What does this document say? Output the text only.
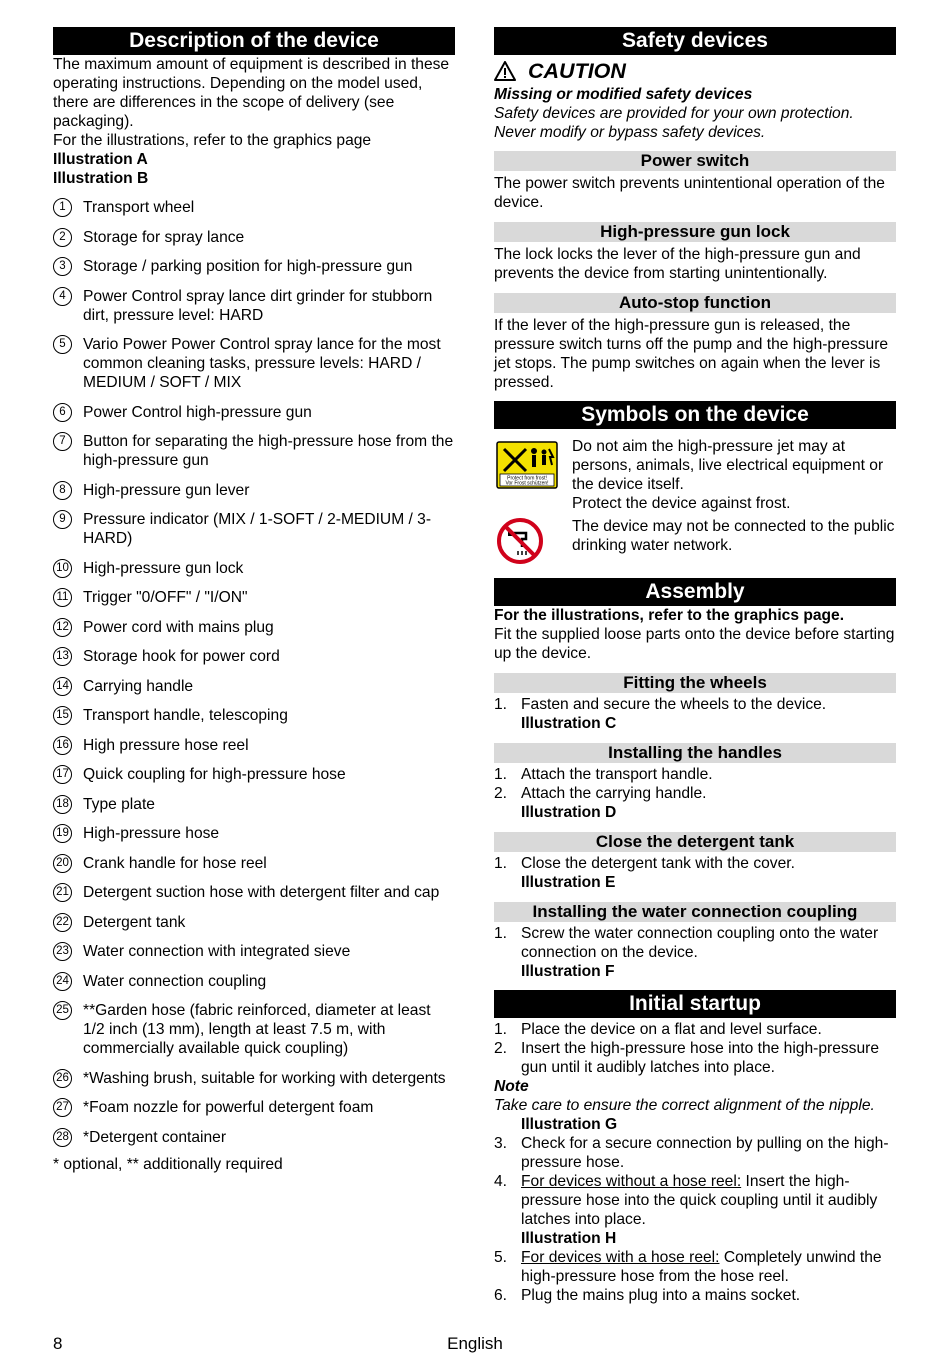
Description of the device

The maximum amount of equipment is described in these operating instructions. Depending on the model used, there are differences in the scope of delivery (see packaging).

For the illustrations, refer to the graphics page

Illustration A

Illustration B

1	Transport wheel
2	Storage for spray lance
3	Storage / parking position for high-pressure gun
4	Power Control spray lance dirt grinder for stubborn dirt, pressure level: HARD
5	Vario Power Power Control spray lance for the most common cleaning tasks, pressure levels: HARD / MEDIUM / SOFT / MIX
6	Power Control high-pressure gun
7	Button for separating the high-pressure hose from the high-pressure gun
8	High-pressure gun lever
9	Pressure indicator (MIX / 1-SOFT / 2-MEDIUM / 3-HARD)
10 High-pressure gun lock
11 Trigger "0/OFF" / "I/ON"
12 Power cord with mains plug
13 Storage hook for power cord
14 Carrying handle
15 Transport handle, telescoping
16 High pressure hose reel
17 Quick coupling for high-pressure hose
18 Type plate
19 High-pressure hose
20 Crank handle for hose reel
21 Detergent suction hose with detergent filter and cap
22 Detergent tank
23 Water connection with integrated sieve
24 Water connection coupling
25 **Garden hose (fabric reinforced, diameter at least 1/2 inch (13 mm), length at least 7.5 m, with commercially available quick coupling)
26 *Washing brush, suitable for working with detergents
27 *Foam nozzle for powerful detergent foam
28 *Detergent container

* optional, ** additionally required

Safety devices
CAUTION

Missing or modified safety devices

Safety devices are provided for your own protection. Never modify or bypass safety devices.

Power switch

The power switch prevents unintentional operation of the device.

High-pressure gun lock

The lock locks the lever of the high-pressure gun and prevents the device from starting unintentionally.

Auto-stop function

If the lever of the high-pressure gun is released, the pressure switch turns off the pump and the high-pressure jet stops. The pump switches on again when the lever is pressed.

Symbols on the device
Protect from frost!
Vor Frost schützen!

Do not aim the high-pressure jet may at persons, animals, live electrical equipment or the device itself.

Protect the device against frost.

The device may not be connected to the public drinking water network.

Assembly

For the illustrations, refer to the graphics page.

Fit the supplied loose parts onto the device before starting up the device.

Fitting the wheels
1. Fasten and secure the wheels to the device.

Illustration C

Installing the handles
1. Attach the transport handle.
2. Attach the carrying handle.

Illustration D

Close the detergent tank
1. Close the detergent tank with the cover.

Illustration E

Installing the water connection coupling
1. Screw the water connection coupling onto the water connection on the device.

Illustration F

Initial startup
1. Place the device on a flat and level surface.
2. Insert the high-pressure hose into the high-pressure gun until it audibly latches into place.

Note

Take care to ensure the correct alignment of the nipple.

Illustration G

3. Check for a secure connection by pulling on the high-pressure hose.
4. For devices without a hose reel: Insert the high-pressure hose into the quick coupling until it audibly latches into place.

Illustration H

5. For devices with a hose reel: Completely unwind the high-pressure hose from the hose reel.
6. Plug the mains plug into a mains socket.
8	English
